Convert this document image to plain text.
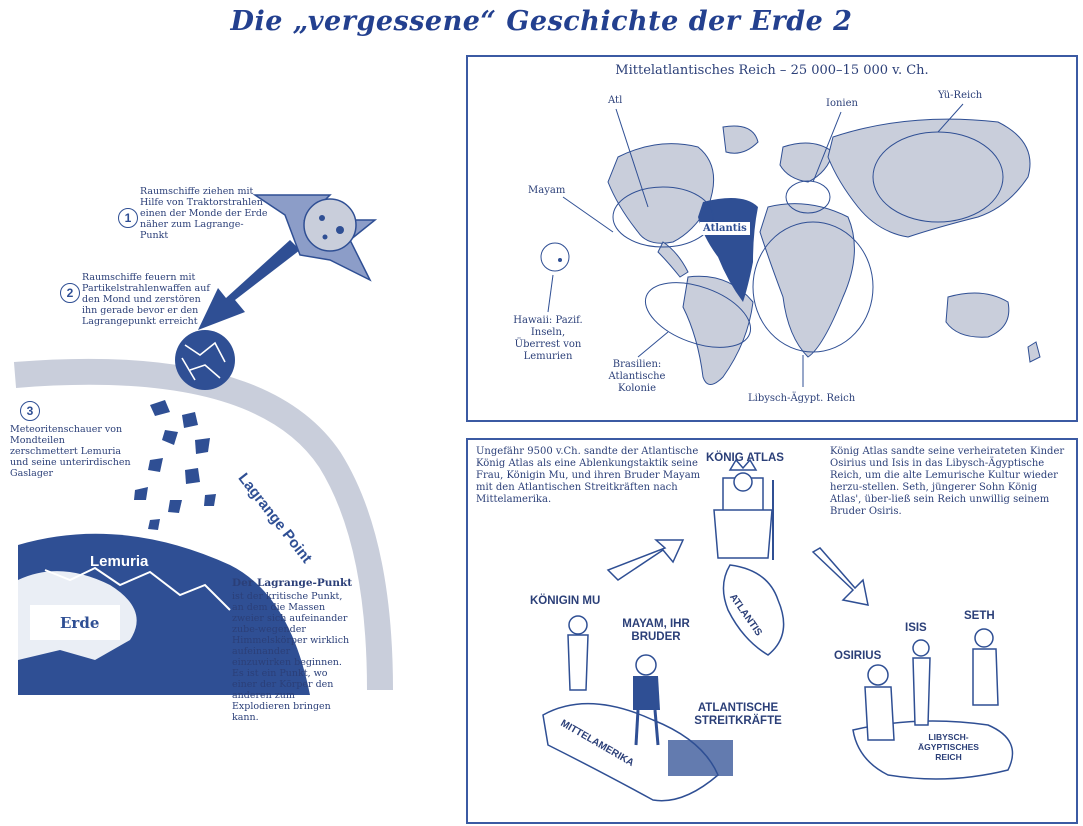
Die „vergessene“ Geschichte der Erde 2
1
Raumschiffe ziehen mit Hilfe von Traktorstrahlen einen der Monde der Erde näher zum Lagrange-Punkt
2
Raumschiffe feuern mit Partikelstrahlenwaffen auf den Mond und zerstören ihn gerade bevor er den Lagrangepunkt erreicht
3
Meteoritenschauer von Mondteilen zerschmettert Lemuria und seine unterirdischen Gaslager	Lagrange Point
Lemuria
Erde
Der Lagrange-Punkt
ist der kritische Punkt, an dem die Massen zweier sich aufeinander zube-wegender Himmelskörper wirklich aufeinander einzuwirken beginnen. Es ist ein Punkt, wo einer der Körper den anderen zum Explodieren bringen kann.
Mittelatlantisches Reich – 25 000–15 000 v. Ch.
Atl	Ionien
Yü-Reich
Mayam
Atlantis
Hawaii: Pazif. Inseln, Überrest von Lemurien
Brasilien: Atlantische Kolonie
Libysch-Ägypt. Reich
Ungefähr 9500 v.Ch. sandte der Atlantische König Atlas als eine Ablenkungstaktik seine Frau, Königin Mu, und ihren Bruder Mayam mit den Atlantischen Streitkräften nach Mittelamerika.
König Atlas sandte seine verheirateten Kinder Osirius und Isis in das Libysch-Ägyptische Reich, um die alte Lemurische Kultur wieder herzu-stellen. Seth, jüngerer Sohn König Atlas', über-ließ sein Reich unwillig seinem Bruder Osiris.
KÖNIG ATLAS
ATLANTIS
KÖNIGIN MU
MAYAM, IHR BRUDER
ATLANTISCHE STREITKRÄFTE
MITTELAMERIKA
ISIS
SETH
OSIRIUS
LIBYSCH-ÄGYPTISCHES REICH
